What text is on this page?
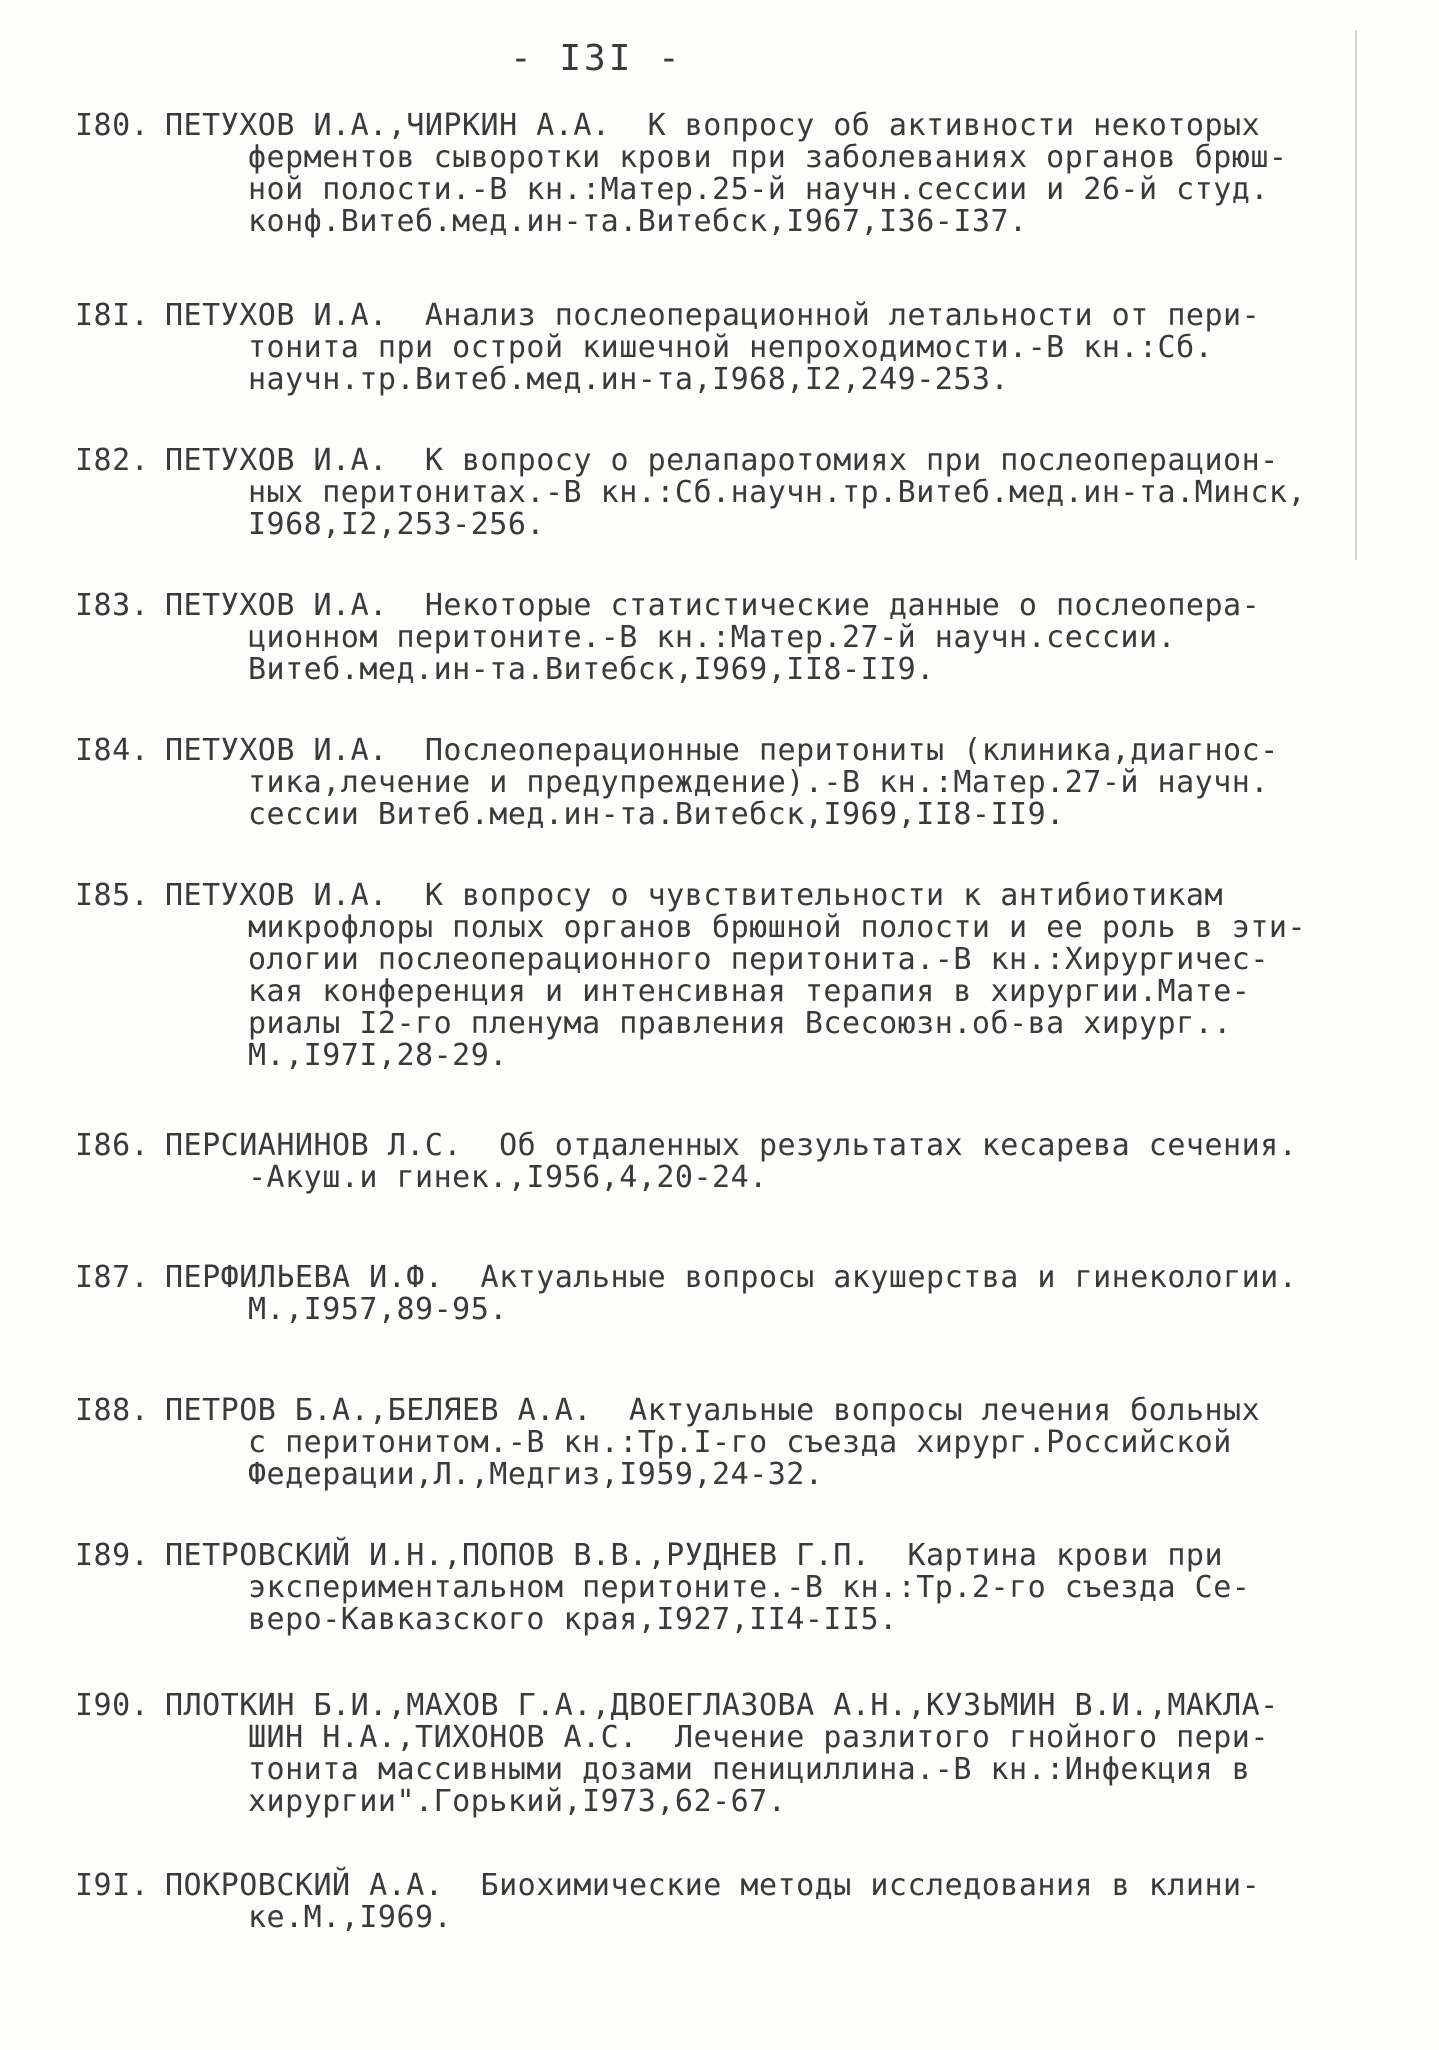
- I3I -
I80. ПЕТУХОВ И.А.,ЧИРКИН А.А.  К вопросу об активности некоторых
ферментов сыворотки крови при заболеваниях органов брюш-
ной полости.-В кн.:Матер.25-й научн.сессии и 26-й студ.
конф.Витеб.мед.ин-та.Витебск,I967,I36-I37.
I8I. ПЕТУХОВ И.А.  Анализ послеоперационной летальности от пери-
тонита при острой кишечной непроходимости.-В кн.:Сб.
научн.тр.Витеб.мед.ин-та,I968,I2,249-253.
I82. ПЕТУХОВ И.А.  К вопросу о релапаротомиях при послеоперацион-
ных перитонитах.-В кн.:Сб.научн.тр.Витеб.мед.ин-та.Минск,
I968,I2,253-256.
I83. ПЕТУХОВ И.А.  Некоторые статистические данные о послеопера-
ционном перитоните.-В кн.:Матер.27-й научн.сессии.
Витеб.мед.ин-та.Витебск,I969,II8-II9.
I84. ПЕТУХОВ И.А.  Послеоперационные перитониты (клиника,диагнос-
тика,лечение и предупреждение).-В кн.:Матер.27-й научн.
сессии Витеб.мед.ин-та.Витебск,I969,II8-II9.
I85. ПЕТУХОВ И.А.  К вопросу о чувствительности к антибиотикам
микрофлоры полых органов брюшной полости и ее роль в эти-
ологии послеоперационного перитонита.-В кн.:Хирургичес-
кая конференция и интенсивная терапия в хирургии.Мате-
риалы I2-го пленума правления Всесоюзн.об-ва хирург..
М.,I97I,28-29.
I86. ПЕРСИАНИНОВ Л.С.  Об отдаленных результатах кесарева сечения.
-Акуш.и гинек.,I956,4,20-24.
I87. ПЕРФИЛЬЕВА И.Ф.  Актуальные вопросы акушерства и гинекологии.
М.,I957,89-95.
I88. ПЕТРОВ Б.А.,БЕЛЯЕВ А.А.  Актуальные вопросы лечения больных
с перитонитом.-В кн.:Тр.I-го съезда хирург.Российской
Федерации,Л.,Медгиз,I959,24-32.
I89. ПЕТРОВСКИЙ И.Н.,ПОПОВ В.В.,РУДНЕВ Г.П.  Картина крови при
экспериментальном перитоните.-В кн.:Тр.2-го съезда Се-
веро-Кавказского края,I927,II4-II5.
I90. ПЛОТКИН Б.И.,МАХОВ Г.А.,ДВОЕГЛАЗОВА А.Н.,КУЗЬМИН В.И.,МАКЛА-
ШИН Н.А.,ТИХОНОВ А.С.  Лечение разлитого гнойного пери-
тонита массивными дозами пенициллина.-В кн.:Инфекция в
хирургии".Горький,I973,62-67.
I9I. ПОКРОВСКИЙ А.А.  Биохимические методы исследования в клини-
ке.М.,I969.
